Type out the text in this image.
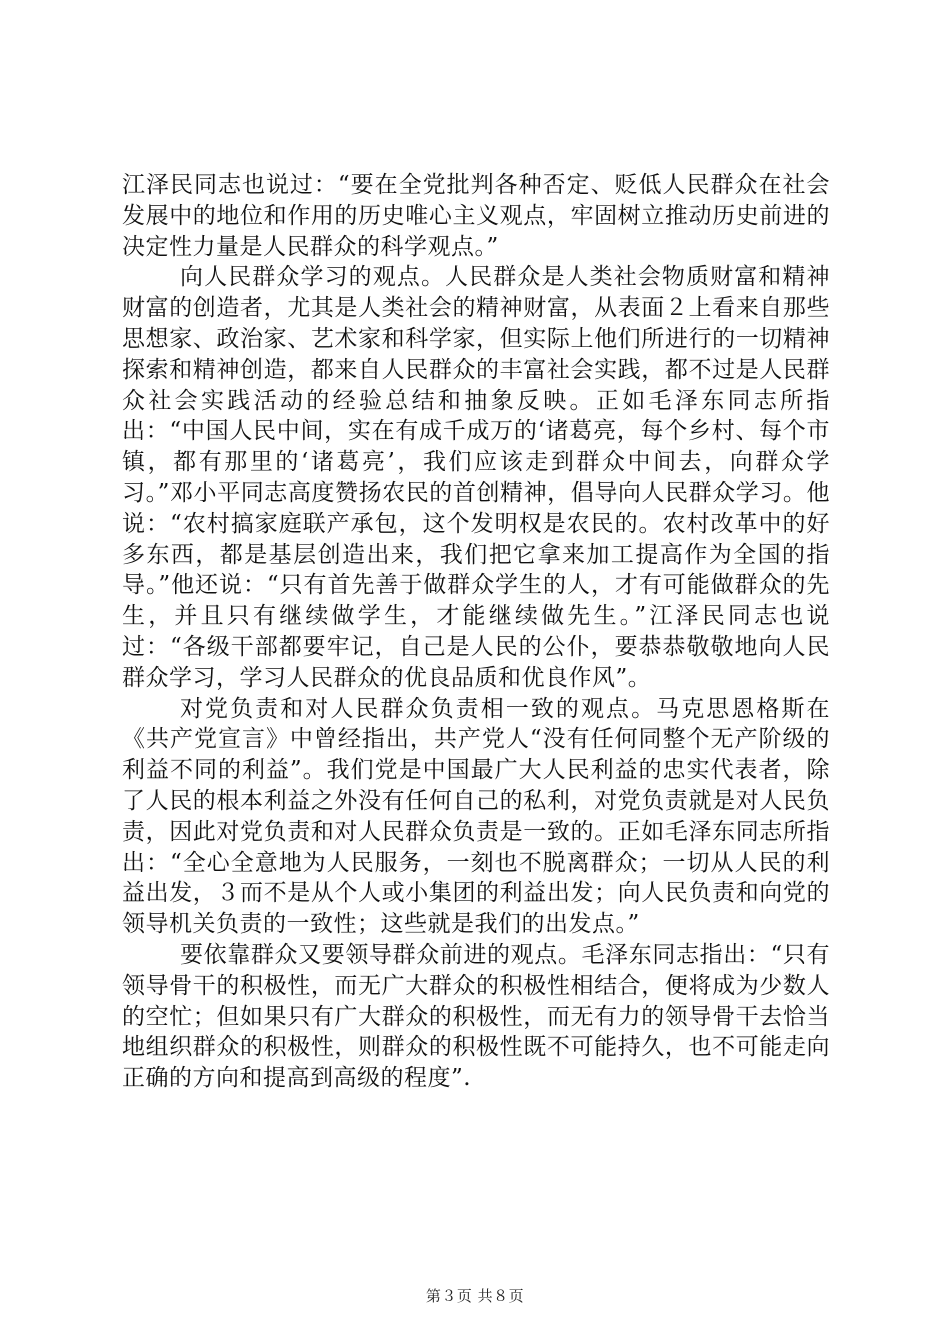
江泽民同志也说过：“要在全党批判各种否定、贬低人民群众在社会发展中的地位和作用的历史唯心主义观点，牢固树立推动历史前进的决定性力量是人民群众的科学观点。”

向人民群众学习的观点。人民群众是人类社会物质财富和精神财富的创造者，尤其是人类社会的精神财富，从表面２上看来自那些思想家、政治家、艺术家和科学家，但实际上他们所进行的一切精神探索和精神创造，都来自人民群众的丰富社会实践，都不过是人民群众社会实践活动的经验总结和抽象反映。正如毛泽东同志所指出：“中国人民中间，实在有成千成万的‘诸葛亮，每个乡村、每个市镇，都有那里的‘诸葛亮’，我们应该走到群众中间去，向群众学习。”邓小平同志高度赞扬农民的首创精神，倡导向人民群众学习。他说：“农村搞家庭联产承包，这个发明权是农民的。农村改革中的好多东西，都是基层创造出来，我们把它拿来加工提高作为全国的指导。”他还说：“只有首先善于做群众学生的人，才有可能做群众的先生，并且只有继续做学生，才能继续做先生。”江泽民同志也说过：“各级干部都要牢记，自己是人民的公仆，要恭恭敬敬地向人民群众学习，学习人民群众的优良品质和优良作风”。

对党负责和对人民群众负责相一致的观点。马克思恩格斯在《共产党宣言》中曾经指出，共产党人“没有任何同整个无产阶级的利益不同的利益”。我们党是中国最广大人民利益的忠实代表者，除了人民的根本利益之外没有任何自己的私利，对党负责就是对人民负责，因此对党负责和对人民群众负责是一致的。正如毛泽东同志所指出：“全心全意地为人民服务，一刻也不脱离群众；一切从人民的利益出发，３而不是从个人或小集团的利益出发；向人民负责和向党的领导机关负责的一致性；这些就是我们的出发点。”

要依靠群众又要领导群众前进的观点。毛泽东同志指出：“只有领导骨干的积极性，而无广大群众的积极性相结合，便将成为少数人的空忙；但如果只有广大群众的积极性，而无有力的领导骨干去恰当地组织群众的积极性，则群众的积极性既不可能持久，也不可能走向正确的方向和提高到高级的程度”.

第３页 共８页
